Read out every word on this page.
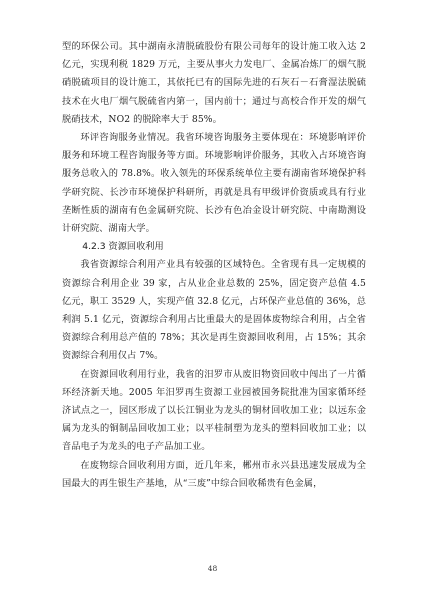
型的环保公司。其中湖南永清脱硫股份有限公司每年的设计施工收入达 2 亿元，实现利税 1829 万元，主要从事火力发电厂、金属冶炼厂的烟气脱硝脱硫项目的设计施工，其依托已有的国际先进的石灰石－石膏湿法脱硫技术在火电厂烟气脱硫省内第一，国内前十；通过与高校合作开发的烟气脱硝技术，NO2 的脱除率大于 85%。

环评咨询服务业情况。我省环境咨询服务主要体现在：环境影响评价服务和环境工程咨询服务等方面。环境影响评价服务，其收入占环境咨询服务总收入的 78.8%。收入领先的环保系统单位主要有湖南省环境保护科学研究院、长沙市环境保护科研所，再就是具有甲级评价资质或具有行业垄断性质的湖南有色金属研究院、长沙有色冶金设计研究院、中南勘测设计研究院、湖南大学。

4.2.3 资源回收利用

我省资源综合利用产业具有较强的区域特色。全省现有具一定规模的资源综合利用企业 39 家，占从业企业总数的 25%，固定资产总值 4.5 亿元，职工 3529 人，实现产值 32.8 亿元，占环保产业总值的 36%，总利润 5.1 亿元，资源综合利用占比重最大的是固体废物综合利用，占全省资源综合利用总产值的 78%；其次是再生资源回收利用，占 15%；其余资源综合利用仅占 7%。

在资源回收利用行业，我省的汨罗市从废旧物资回收中闯出了一片循环经济新天地。2005 年汨罗再生资源工业园被国务院批准为国家循环经济试点之一，园区形成了以长江铜业为龙头的铜材回收加工业；以远东金属为龙头的铜制品回收加工业；以平桂制塑为龙头的塑料回收加工业；以音品电子为龙头的电子产品加工业。

在废物综合回收利用方面，近几年来，郴州市永兴县迅速发展成为全国最大的再生银生产基地，从“三废”中综合回收稀贵有色金属，

48
